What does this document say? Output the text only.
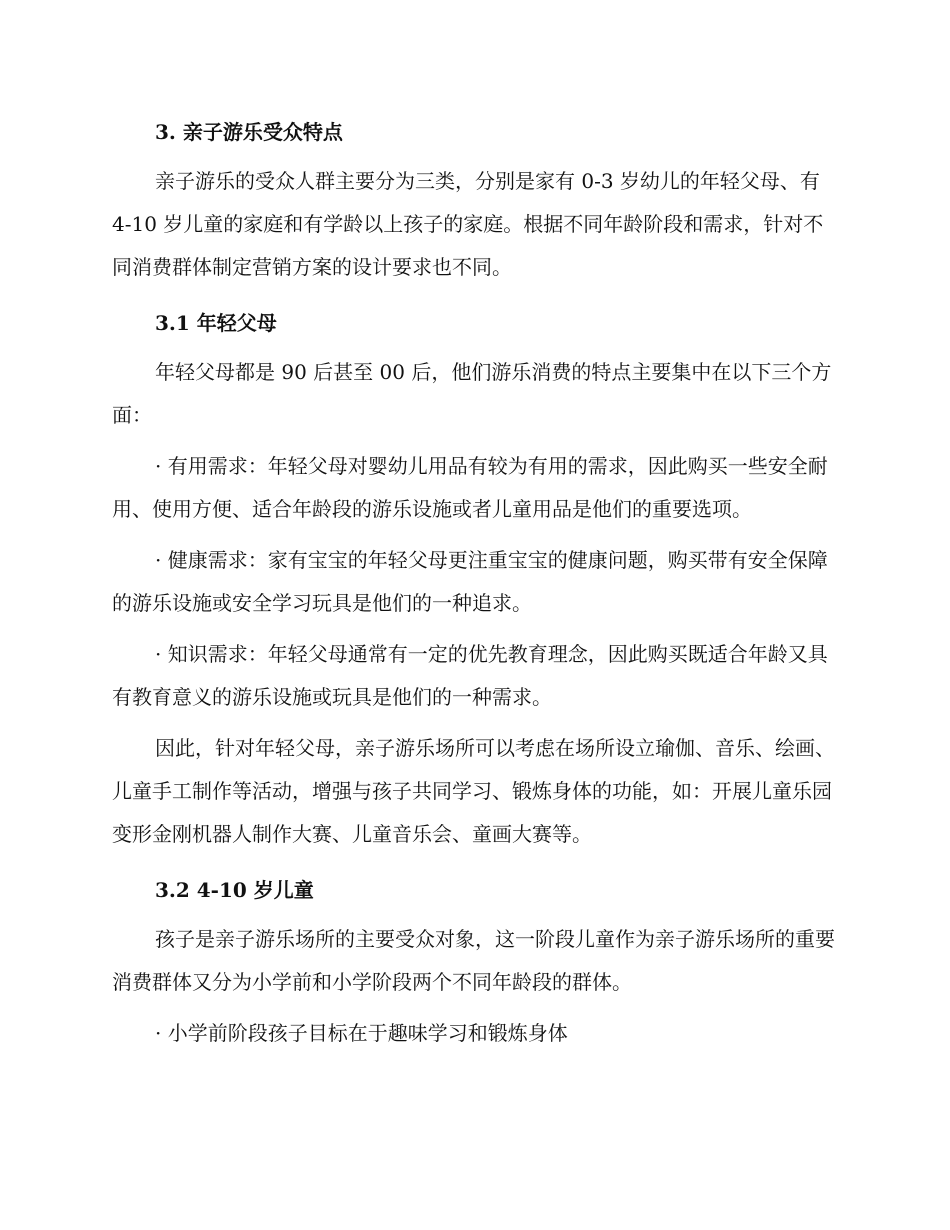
3. 亲子游乐受众特点

亲子游乐的受众人群主要分为三类，分别是家有 0-3 岁幼儿的年轻父母、有 4-10 岁儿童的家庭和有学龄以上孩子的家庭。根据不同年龄阶段和需求，针对不同消费群体制定营销方案的设计要求也不同。

3.1 年轻父母

年轻父母都是 90 后甚至 00 后，他们游乐消费的特点主要集中在以下三个方面：

· 有用需求：年轻父母对婴幼儿用品有较为有用的需求，因此购买一些安全耐用、使用方便、适合年龄段的游乐设施或者儿童用品是他们的重要选项。

· 健康需求：家有宝宝的年轻父母更注重宝宝的健康问题，购买带有安全保障的游乐设施或安全学习玩具是他们的一种追求。

· 知识需求：年轻父母通常有一定的优先教育理念，因此购买既适合年龄又具有教育意义的游乐设施或玩具是他们的一种需求。

因此，针对年轻父母，亲子游乐场所可以考虑在场所设立瑜伽、音乐、绘画、儿童手工制作等活动，增强与孩子共同学习、锻炼身体的功能，如：开展儿童乐园变形金刚机器人制作大赛、儿童音乐会、童画大赛等。

3.2 4-10 岁儿童

孩子是亲子游乐场所的主要受众对象，这一阶段儿童作为亲子游乐场所的重要消费群体又分为小学前和小学阶段两个不同年龄段的群体。

· 小学前阶段孩子目标在于趣味学习和锻炼身体
